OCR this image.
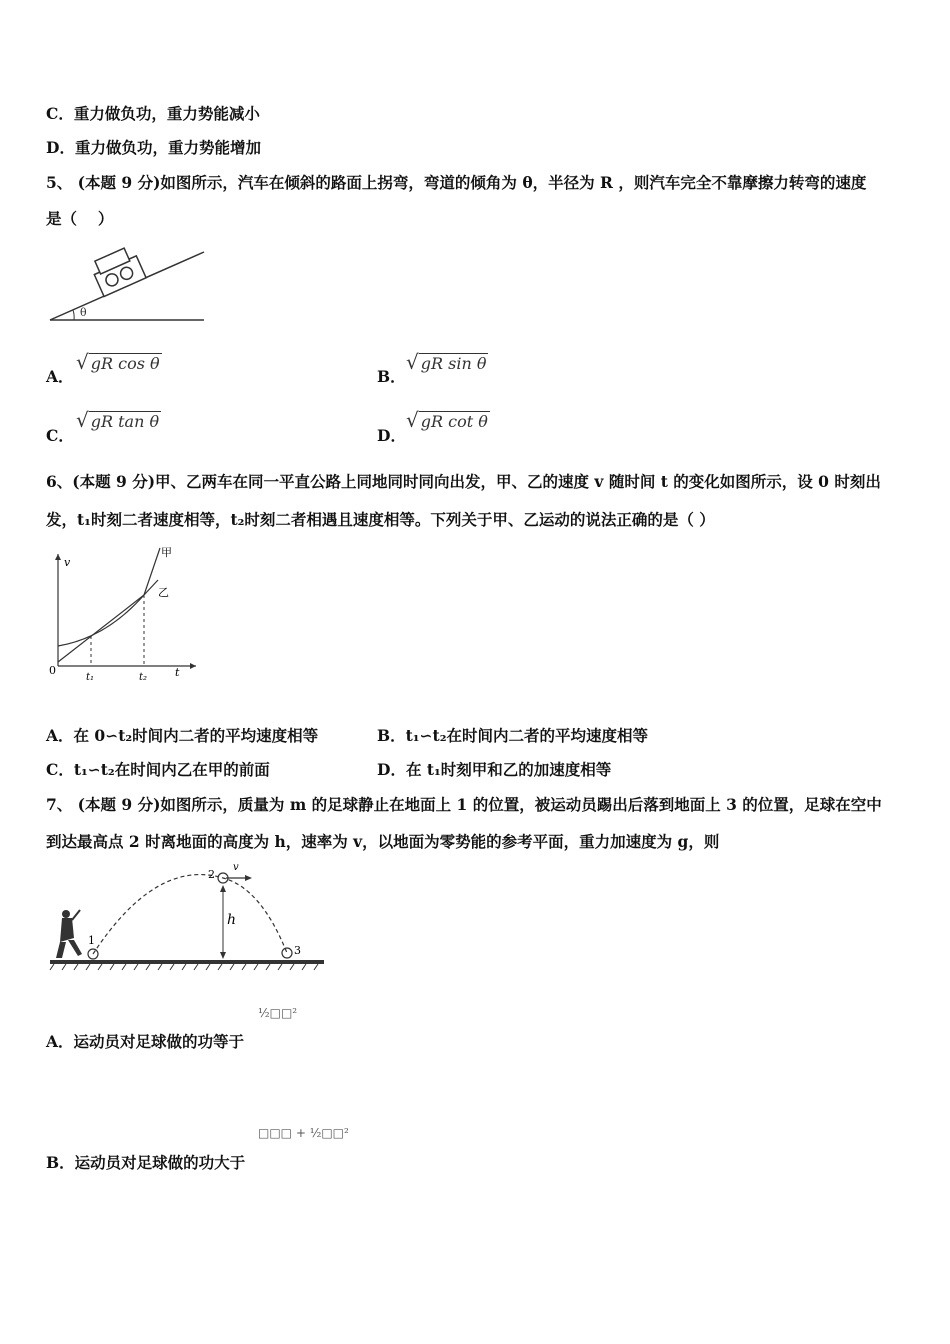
C．重力做负功，重力势能减小
D．重力做负功，重力势能增加
5、 (本题 9 分)如图所示，汽车在倾斜的路面上拐弯，弯道的倾角为 θ，半径为 R ，则汽车完全不靠摩擦力转弯的速度
是（　 ）
θ
A．
√ gR cos θ
B．
√ gR sin θ
C．
√ gR tan θ
D．
√ gR cot θ
6、(本题 9 分)甲、乙两车在同一平直公路上同地同时同向出发，甲、乙的速度 v 随时间 t 的变化如图所示，设 0 时刻出
发，t₁时刻二者速度相等，t₂时刻二者相遇且速度相等。下列关于甲、乙运动的说法正确的是（ ）
v
t
0
t₁	t₂
甲
乙
A．在 0∽t₂时间内二者的平均速度相等	B．t₁∽t₂在时间内二者的平均速度相等
C．t₁∽t₂在时间内乙在甲的前面	D．在 t₁时刻甲和乙的加速度相等
7、 (本题 9 分)如图所示，质量为 m 的足球静止在地面上 1 的位置，被运动员踢出后落到地面上 3 的位置，足球在空中
到达最高点 2 时离地面的高度为 h，速率为 v，以地面为零势能的参考平面，重力加速度为 g，则
1
2
3
h
v
A．运动员对足球做的功等于
½□□²
B．运动员对足球做的功大于
□□□ + ½□□²
